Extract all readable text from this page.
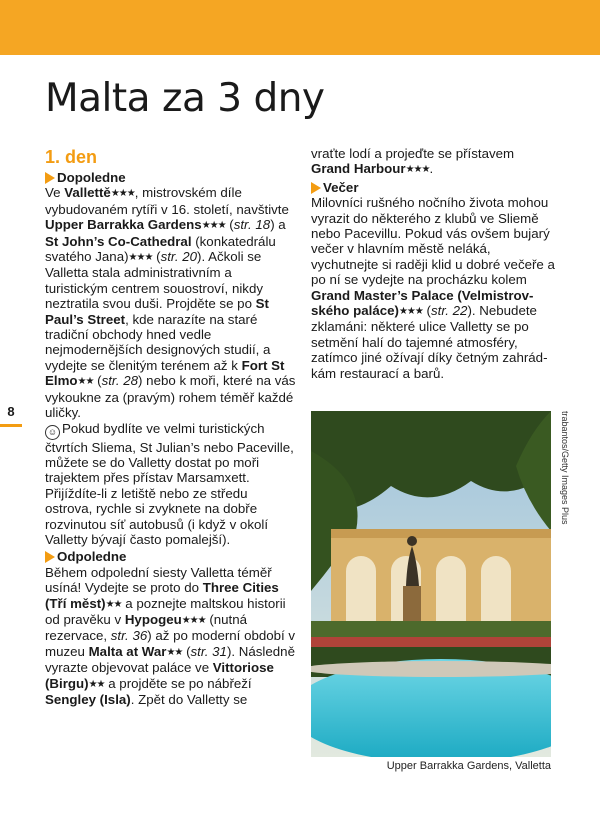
Malta za 3 dny
1. den
Dopoledne

Ve Vallettě★★★, mistrovském díle vybudovaném rytíři v 16. století, navštivte Upper Barrakka Gardens★★★ (str. 18) a St John’s Co-Cathedral (konkatedrálu svatého Jana)★★★ (str. 20). Ačkoli se Valletta stala administrativním a turistickým centrem souostroví, nikdy neztratila svou duši. Projděte se po St Paul’s Street, kde narazíte na staré tradiční obchody hned vedle nejmodernějších designových studií, a vydejte se členitým terénem až k Fort St Elmo★★ (str. 28) nebo k moři, které na vás vykoukne za (pravým) rohem téměř každé uličky.

☺ Pokud bydlíte ve velmi turistických čtvrtích Sliema, St Julian’s nebo Paceville, můžete se do Valletty dostat po moři trajektem přes přístav Marsamxett. Přijíždíte-li z letiště nebo ze středu ostrova, rychle si zvyknete na dobře rozvinutou síť autobusů (i když v okolí Valletty bývají často pomalejší).

Odpoledne

Během odpolední siesty Valletta téměř usíná! Vydejte se proto do Three Cities (Tří měst)★★ a poznejte maltskou historii od pravěku v Hypogeu★★★ (nutná rezervace, str. 36) až po moderní období v muzeu Malta at War★★ (str. 31). Následně vyrazte objevovat paláce ve Vittoriose (Birgu)★★ a projděte se po nábřeží Sengley (Isla). Zpět do Valletty se

vraťte lodí a projeďte se přístavem Grand Harbour★★★.

Večer

Milovníci rušného nočního života mohou vyrazit do některého z klubů ve Sliemě nebo Pacevillu. Pokud vás ovšem bujarý večer v hlavním městě neláká, vychutnejte si raději klid u dobré večeře a po ní se vydejte na procházku kolem Grand Master’s Palace (Velmistrovského paláce)★★★ (str. 22). Nebudete zklamáni: některé ulice Valletty se po setmění halí do tajemné atmosféry, zatímco jiné ožívají díky četným zahrádkám restaurací a barů.

8	trabantos/Getty Images Plus
Upper Barrakka Gardens, Valletta
